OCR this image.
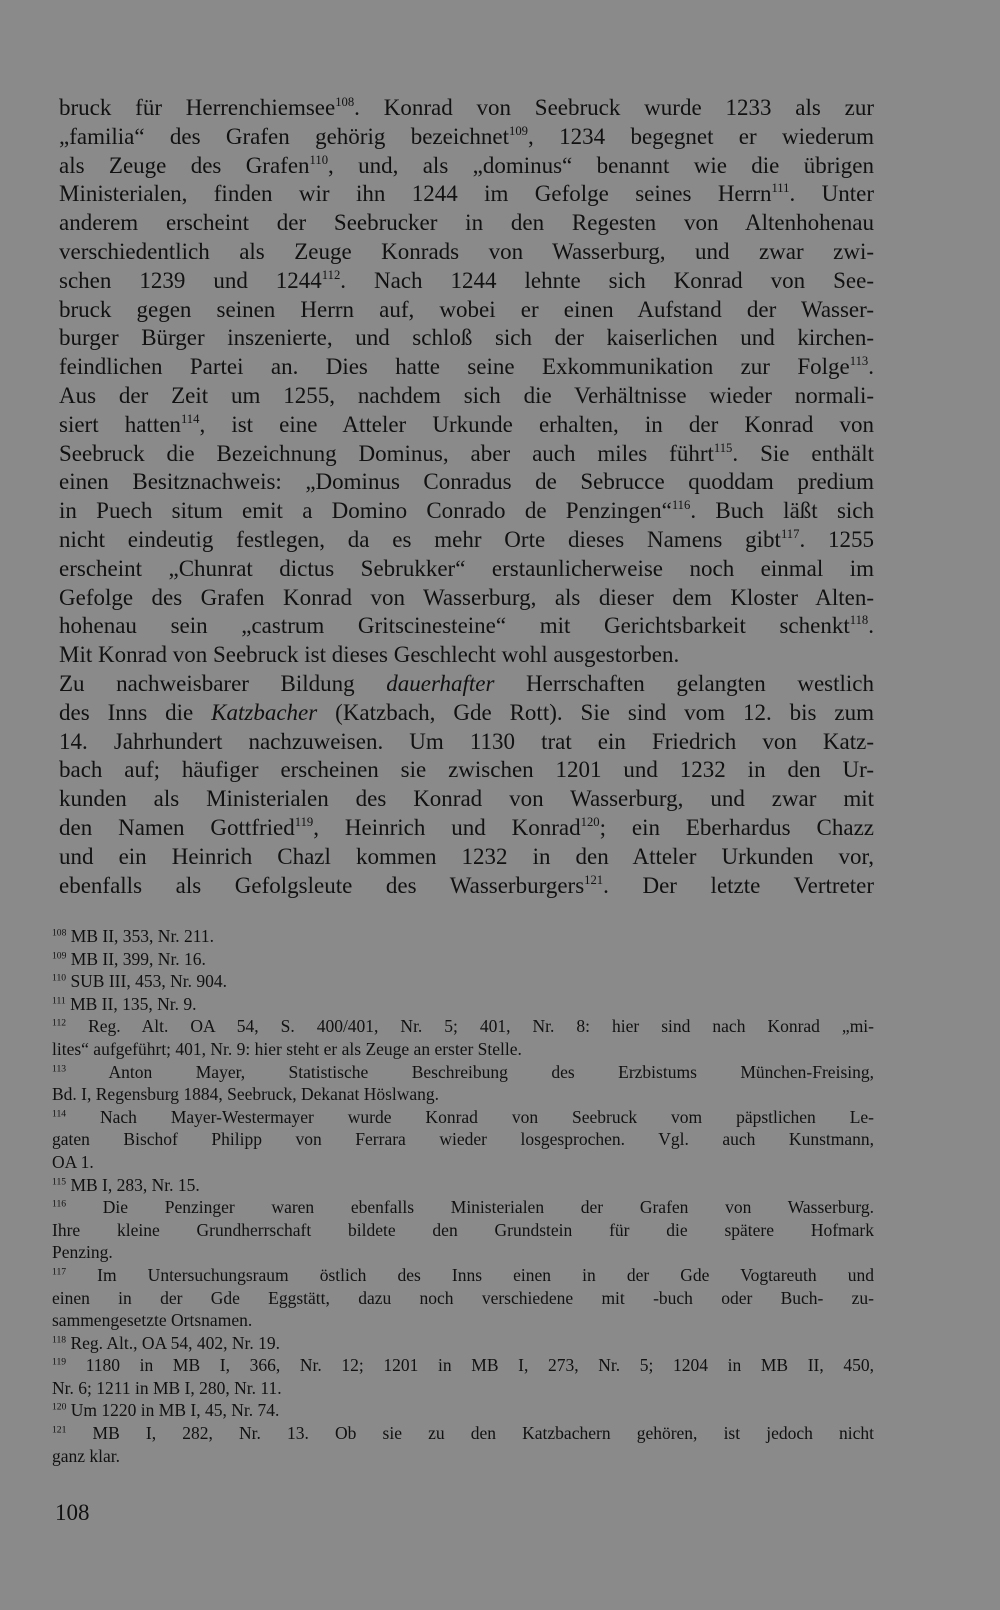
bruck für Herrenchiemsee$^{108}$. Konrad von Seebruck wurde 1233 als zur
„familia“ des Grafen gehörig bezeichnet$^{109}$, 1234 begegnet er wiederum
als Zeuge des Grafen$^{110}$, und, als „dominus“ benannt wie die übrigen
Ministerialen, finden wir ihn 1244 im Gefolge seines Herrn$^{111}$. Unter
anderem erscheint der Seebrucker in den Regesten von Altenhohenau
verschiedentlich als Zeuge Konrads von Wasserburg, und zwar zwi-
schen 1239 und 1244$^{112}$. Nach 1244 lehnte sich Konrad von See-
bruck gegen seinen Herrn auf, wobei er einen Aufstand der Wasser-
burger Bürger inszenierte, und schloß sich der kaiserlichen und kirchen-
feindlichen Partei an. Dies hatte seine Exkommunikation zur Folge$^{113}$.
Aus der Zeit um 1255, nachdem sich die Verhältnisse wieder normali-
siert hatten$^{114}$, ist eine Atteler Urkunde erhalten, in der Konrad von
Seebruck die Bezeichnung Dominus, aber auch miles führt$^{115}$. Sie enthält
einen Besitznachweis: „Dominus Conradus de Sebrucce quoddam predium
in Puech situm emit a Domino Conrado de Penzingen“$^{116}$. Buch läßt sich
nicht eindeutig festlegen, da es mehr Orte dieses Namens gibt$^{117}$. 1255
erscheint „Chunrat dictus Sebrukker“ erstaunlicherweise noch einmal im
Gefolge des Grafen Konrad von Wasserburg, als dieser dem Kloster Alten-
hohenau sein „castrum Gritscinesteine“ mit Gerichtsbarkeit schenkt$^{118}$.
Mit Konrad von Seebruck ist dieses Geschlecht wohl ausgestorben.
Zu nachweisbarer Bildung dauerhafter Herrschaften gelangten westlich
des Inns die Katzbacher (Katzbach, Gde Rott). Sie sind vom 12. bis zum
14. Jahrhundert nachzuweisen. Um 1130 trat ein Friedrich von Katz-
bach auf; häufiger erscheinen sie zwischen 1201 und 1232 in den Ur-
kunden als Ministerialen des Konrad von Wasserburg, und zwar mit
den Namen Gottfried$^{119}$, Heinrich und Konrad$^{120}$; ein Eberhardus Chazz
und ein Heinrich Chazl kommen 1232 in den Atteler Urkunden vor,
ebenfalls als Gefolgsleute des Wasserburgers$^{121}$. Der letzte Vertreter
$^{108}$ MB II, 353, Nr. 211.
$^{109}$ MB II, 399, Nr. 16.
$^{110}$ SUB III, 453, Nr. 904.
$^{111}$ MB II, 135, Nr. 9.
$^{112}$ Reg. Alt. OA 54, S. 400/401, Nr. 5; 401, Nr. 8: hier sind nach Konrad „mi-
lites“ aufgeführt; 401, Nr. 9: hier steht er als Zeuge an erster Stelle.
$^{113}$ Anton Mayer, Statistische Beschreibung des Erzbistums München-Freising,
Bd. I, Regensburg 1884, Seebruck, Dekanat Höslwang.
$^{114}$ Nach Mayer-Westermayer wurde Konrad von Seebruck vom päpstlichen Le-
gaten Bischof Philipp von Ferrara wieder losgesprochen. Vgl. auch Kunstmann,
OA 1.
$^{115}$ MB I, 283, Nr. 15.
$^{116}$ Die Penzinger waren ebenfalls Ministerialen der Grafen von Wasserburg.
Ihre kleine Grundherrschaft bildete den Grundstein für die spätere Hofmark
Penzing.
$^{117}$ Im Untersuchungsraum östlich des Inns einen in der Gde Vogtareuth und
einen in der Gde Eggstätt, dazu noch verschiedene mit -buch oder Buch- zu-
sammengesetzte Ortsnamen.
$^{118}$ Reg. Alt., OA 54, 402, Nr. 19.
$^{119}$ 1180 in MB I, 366, Nr. 12; 1201 in MB I, 273, Nr. 5; 1204 in MB II, 450,
Nr. 6; 1211 in MB I, 280, Nr. 11.
$^{120}$ Um 1220 in MB I, 45, Nr. 74.
$^{121}$ MB I, 282, Nr. 13. Ob sie zu den Katzbachern gehören, ist jedoch nicht
ganz klar.
108
